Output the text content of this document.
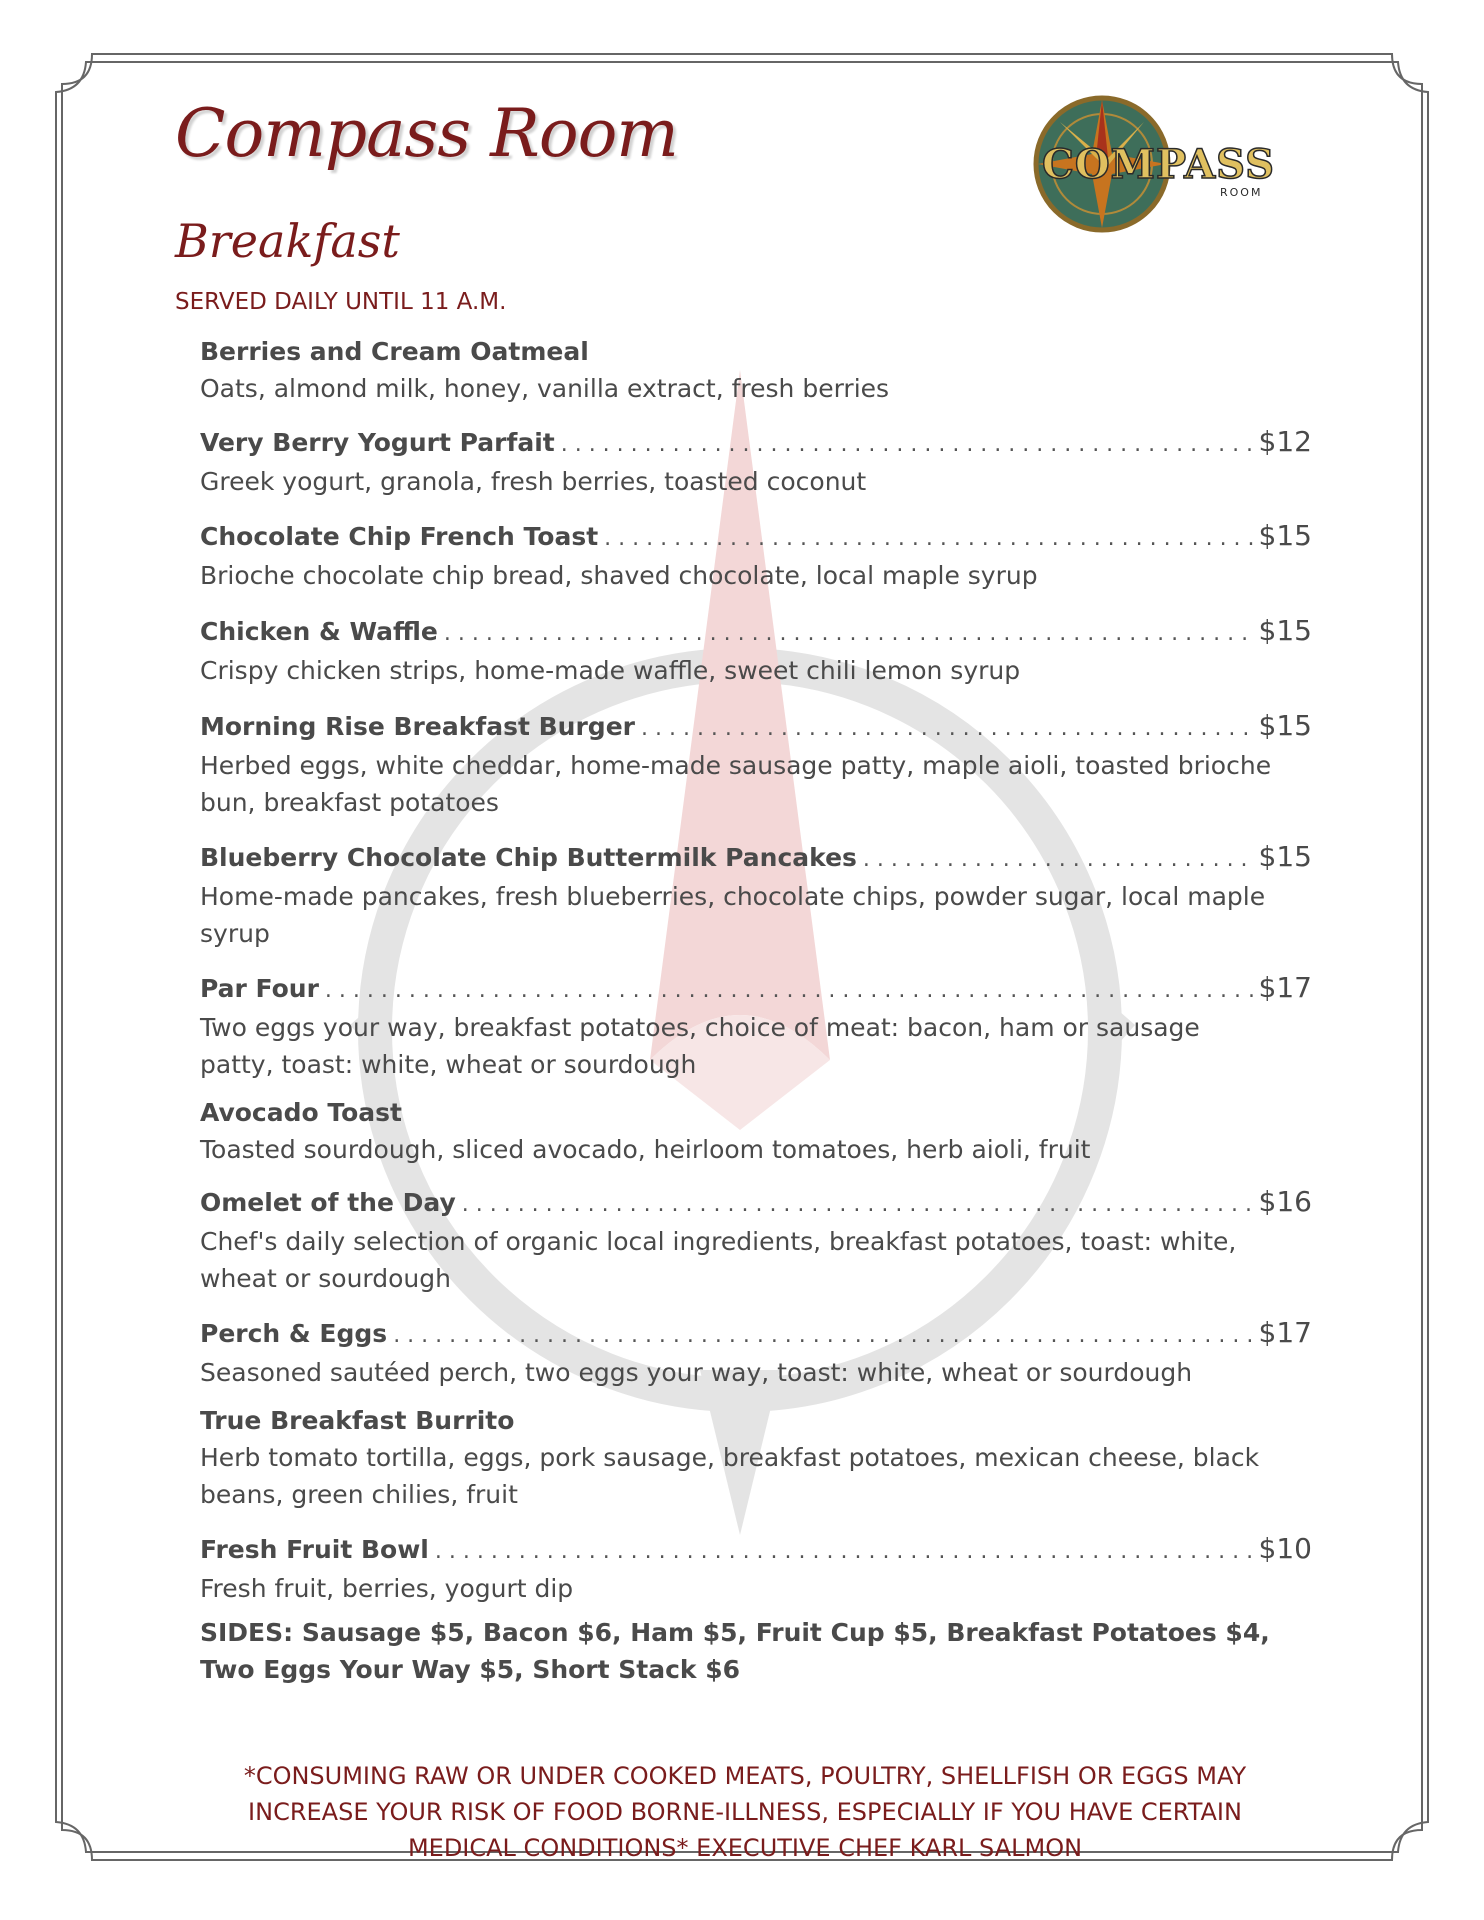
Compass Room
Breakfast
SERVED DAILY UNTIL 11 A.M.
COMPASS
ROOM
Berries and Cream Oatmeal
Oats, almond milk, honey, vanilla extract, fresh berries
Very Berry Yogurt Parfait . . .	$12
Greek yogurt, granola, fresh berries, toasted coconut
Chocolate Chip French Toast . . .	$15
Brioche chocolate chip bread, shaved chocolate, local maple syrup
Chicken & Waffle . . .	$15
Crispy chicken strips, home-made waffle, sweet chili lemon syrup
Morning Rise Breakfast Burger . . .	$15
Herbed eggs, white cheddar, home-made sausage patty, maple aioli, toasted brioche bun, breakfast potatoes
Blueberry Chocolate Chip Buttermilk Pancakes . . .	$15
Home-made pancakes, fresh blueberries, chocolate chips, powder sugar, local maple syrup
Par Four . . .	$17
Two eggs your way, breakfast potatoes, choice of meat: bacon, ham or sausage patty, toast: white, wheat or sourdough
Avocado Toast
Toasted sourdough, sliced avocado, heirloom tomatoes, herb aioli, fruit
Omelet of the Day . . .	$16
Chef's daily selection of organic local ingredients, breakfast potatoes, toast: white, wheat or sourdough
Perch & Eggs . . .	$17
Seasoned sautéed perch, two eggs your way, toast: white, wheat or sourdough
True Breakfast Burrito
Herb tomato tortilla, eggs, pork sausage, breakfast potatoes, mexican cheese, black beans, green chilies, fruit
Fresh Fruit Bowl . . .	$10
Fresh fruit, berries, yogurt dip
SIDES: Sausage $5, Bacon $6, Ham $5, Fruit Cup $5, Breakfast Potatoes $4, Two Eggs Your Way $5, Short Stack $6
*CONSUMING RAW OR UNDER COOKED MEATS, POULTRY, SHELLFISH OR EGGS MAY INCREASE YOUR RISK OF FOOD BORNE-ILLNESS, ESPECIALLY IF YOU HAVE CERTAIN MEDICAL CONDITIONS* EXECUTIVE CHEF KARL SALMON
